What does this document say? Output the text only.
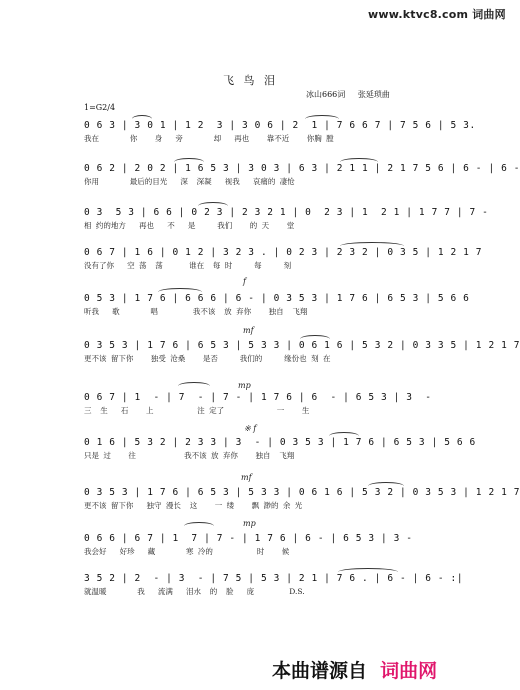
www.ktvc8.com 词曲网
飞 鸟 泪
冰山666词 张延琐曲
1=G2/4
0 6 3 | 3 0 1 | 1 2  3 | 3 0 6 | 2  1 | 7 6 6 7 | 7 5 6 | 5 3.
我在       你    身   旁       却   再也    靠不近    你胸 膛
0 6 2 | 2 0 2 | 1 6 5 3 | 3 0 3 | 6 3 | 2 1 1 | 2 1 7 5 6 | 6 - | 6 -
你用       最后的目光   深  深凝   视我   哀痛的 凄怆
0 3  5 3 | 6 6 | 0 2 3 | 2 3 2 1 | 0  2 3 | 1  2 1 | 1 7 7 | 7 -
相 约的地方   再也   不   是     我们    的 天    堂
0 6 7 | 1 6 | 0 1 2 | 3 2 3 . | 0 2 3 | 2 3 2 | 0 3 5 | 1 2 1 7
没有了你   空 荡  荡      谁在  每 时     每     刻
0 5 3 | 1 7 6 | 6 6 6 | 6 - | 0 3 5 3 | 1 7 6 | 6 5 3 | 5 6 6
听我   歌       唱        我不该  放 弃你    独自  飞翔
0 3 5 3 | 1 7 6 | 6 5 3 | 5 3 3 | 0 6 1 6 | 5 3 2 | 0 3 3 5 | 1 2 1 7
更不该 留下你    独受 沧桑    是否     我们的     缘份也 刻 在
0 6 7 | 1  - | 7  - | 7 - | 1 7 6 | 6  - | 6 5 3 | 3  -
三  生   石    上          注 定了            一    生
0 1 6 | 5 3 2 | 2 3 3 | 3  - | 0 3 5 3 | 1 7 6 | 6 5 3 | 5 6 6
只是 过    往           我不该 放 弃你    独自  飞翔
0 3 5 3 | 1 7 6 | 6 5 3 | 5 3 3 | 0 6 1 6 | 5 3 2 | 0 3 5 3 | 1 2 1 7
更不该 留下你   独守 漫长  这    一 缕    飘 渺的 余 光
0 6 6 | 6 7 | 1  7 | 7 - | 1 7 6 | 6 - | 6 5 3 | 3 -
我会好   好珍   藏       寒 冷的          时    候
3 5 2 | 2  - | 3  - | 7 5 | 5 3 | 2 1 | 7 6 . | 6 - | 6 - :|
就温暖       我   流满   泪水  的  脸   庞        D.S.
f
mf
mp
※ f
mf
mp
本曲谱源自 词曲网
